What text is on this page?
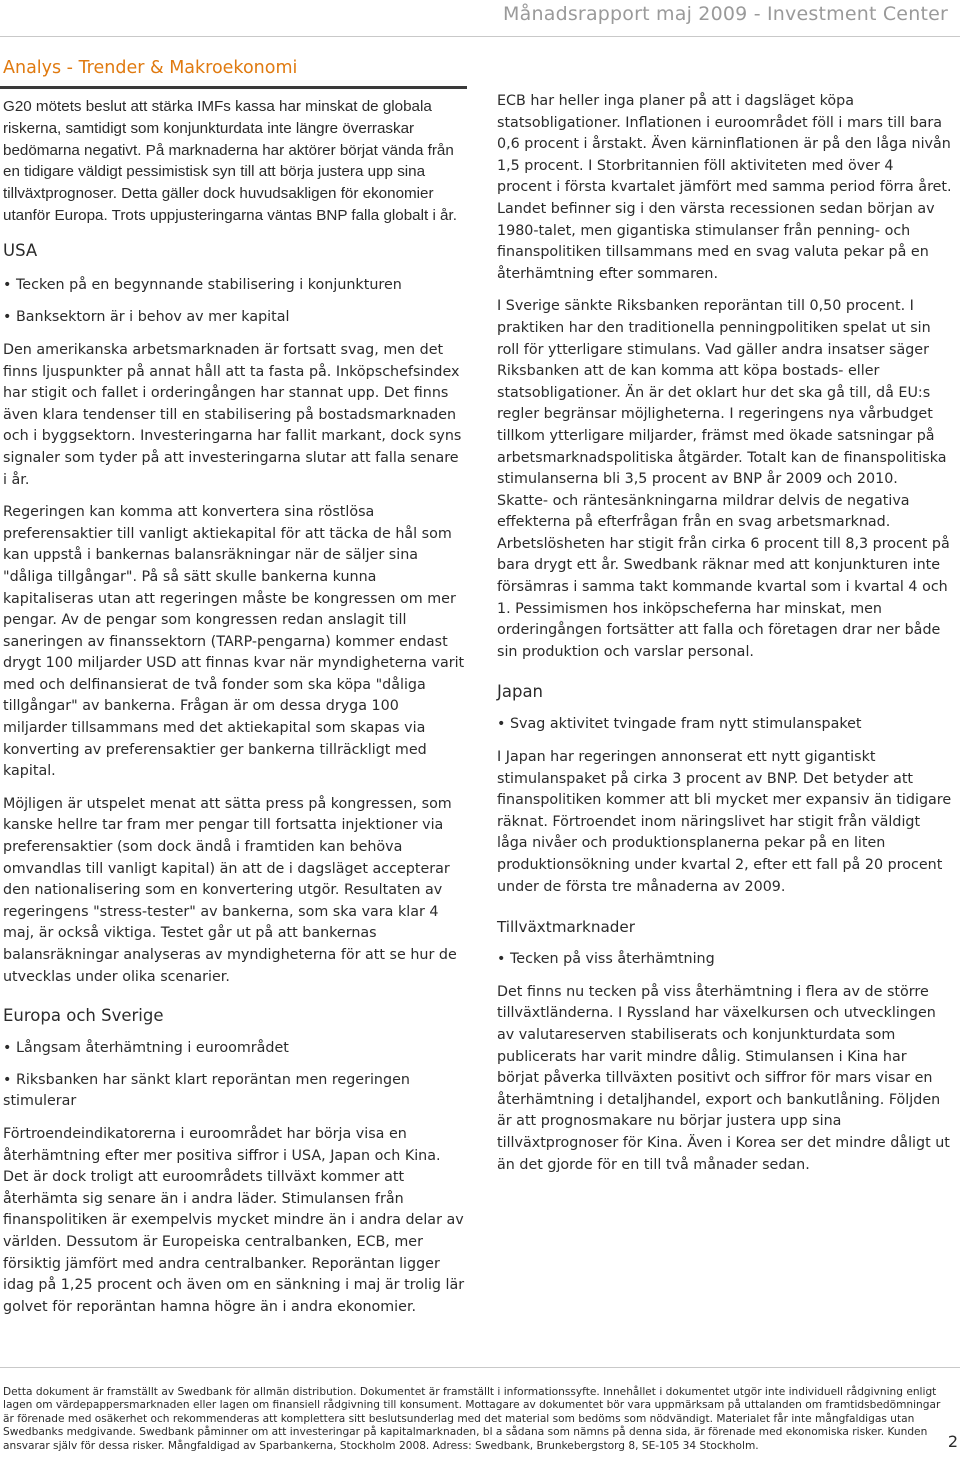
Månadsrapport maj 2009 - Investment Center
Analys - Trender & Makroekonomi

G20 mötets beslut att stärka IMFs kassa har minskat de globala riskerna, samtidigt som konjunkturdata inte längre överraskar bedömarna negativt. På marknaderna har aktörer börjat vända från en tidigare väldigt pessimistisk syn till att börja justera upp sina tillväxtprognoser. Detta gäller dock huvudsakligen för ekonomier utanför Europa. Trots uppjusteringarna väntas BNP falla globalt i år.

USA

• Tecken på en begynnande stabilisering i konjunkturen

• Banksektorn är i behov av mer kapital

Den amerikanska arbetsmarknaden är fortsatt svag, men det finns ljuspunkter på annat håll att ta fasta på. Inköpschefsindex har stigit och fallet i orderingången har stannat upp. Det finns även klara tendenser till en stabilisering på bostadsmarknaden och i byggsektorn. Investeringarna har fallit markant, dock syns signaler som tyder på att investeringarna slutar att falla senare i år.

Regeringen kan komma att konvertera sina röstlösa preferensaktier till vanligt aktiekapital för att täcka de hål som kan uppstå i bankernas balansräkningar när de säljer sina "dåliga tillgångar". På så sätt skulle bankerna kunna kapitaliseras utan att regeringen måste be kongressen om mer pengar. Av de pengar som kongressen redan anslagit till saneringen av finanssektorn (TARP-pengarna) kommer endast drygt 100 miljarder USD att finnas kvar när myndigheterna varit med och delfinansierat de två fonder som ska köpa "dåliga tillgångar" av bankerna. Frågan är om dessa dryga 100 miljarder tillsammans med det aktiekapital som skapas via konverting av preferensaktier ger bankerna tillräckligt med kapital.

Möjligen är utspelet menat att sätta press på kongressen, som kanske hellre tar fram mer pengar till fortsatta injektioner via preferensaktier (som dock ändå i framtiden kan behöva omvandlas till vanligt kapital) än att de i dagsläget accepterar den nationalisering som en konvertering utgör. Resultaten av regeringens "stress-tester" av bankerna, som ska vara klar 4 maj, är också viktiga. Testet går ut på att bankernas balansräkningar analyseras av myndigheterna för att se hur de utvecklas under olika scenarier.

Europa och Sverige

• Långsam återhämtning i euroområdet

• Riksbanken har sänkt klart reporäntan men regeringen stimulerar

Förtroendeindikatorerna i euroområdet har börja visa en återhämtning efter mer positiva siffror i USA, Japan och Kina. Det är dock troligt att euroområdets tillväxt kommer att återhämta sig senare än i andra läder. Stimulansen från finanspolitiken är exempelvis mycket mindre än i andra delar av världen. Dessutom är Europeiska centralbanken, ECB, mer försiktig jämfört med andra centralbanker. Reporäntan ligger idag på 1,25 procent och även om en sänkning i maj är trolig lär golvet för reporäntan hamna högre än i andra ekonomier.

ECB har heller inga planer på att i dagsläget köpa statsobligationer. Inflationen i euroområdet föll i mars till bara 0,6 procent i årstakt. Även kärninflationen är på den låga nivån 1,5 procent. I Storbritannien föll aktiviteten med över 4 procent i första kvartalet jämfört med samma period förra året. Landet befinner sig i den värsta recessionen sedan början av 1980-talet, men gigantiska stimulanser från penning- och finanspolitiken tillsammans med en svag valuta pekar på en återhämtning efter sommaren.

I Sverige sänkte Riksbanken reporäntan till 0,50 procent. I praktiken har den traditionella penningpolitiken spelat ut sin roll för ytterligare stimulans. Vad gäller andra insatser säger Riksbanken att de kan komma att köpa bostads- eller statsobligationer. Än är det oklart hur det ska gå till, då EU:s regler begränsar möjligheterna. I regeringens nya vårbudget tillkom ytterligare miljarder, främst med ökade satsningar på arbetsmarknadspolitiska åtgärder. Totalt kan de finanspolitiska stimulanserna bli 3,5 procent av BNP år 2009 och 2010. Skatte- och räntesänkningarna mildrar delvis de negativa effekterna på efterfrågan från en svag arbetsmarknad. Arbetslösheten har stigit från cirka 6 procent till 8,3 procent på bara drygt ett år. Swedbank räknar med att konjunkturen inte försämras i samma takt kommande kvartal som i kvartal 4 och 1. Pessimismen hos inköpscheferna har minskat, men orderingången fortsätter att falla och företagen drar ner både sin produktion och varslar personal.

Japan

• Svag aktivitet tvingade fram nytt stimulanspaket

I Japan har regeringen annonserat ett nytt gigantiskt stimulanspaket på cirka 3 procent av BNP. Det betyder att finanspolitiken kommer att bli mycket mer expansiv än tidigare räknat. Förtroendet inom näringslivet har stigit från väldigt låga nivåer och produktionsplanerna pekar på en liten produktionsökning under kvartal 2, efter ett fall på 20 procent under de första tre månaderna av 2009.

Tillväxtmarknader

• Tecken på viss återhämtning

Det finns nu tecken på viss återhämtning i flera av de större tillväxtländerna. I Ryssland har växelkursen och utvecklingen av valutareserven stabiliserats och konjunkturdata som publicerats har varit mindre dålig. Stimulansen i Kina har börjat påverka tillväxten positivt och siffror för mars visar en återhämtning i detaljhandel, export och bankutlåning. Följden är att prognosmakare nu börjar justera upp sina tillväxtprognoser för Kina. Även i Korea ser det mindre dåligt ut än det gjorde för en till två månader sedan.

Detta dokument är framställt av Swedbank för allmän distribution. Dokumentet är framställt i informationssyfte. Innehållet i dokumentet utgör inte individuell rådgivning enligt lagen om värdepappersmarknaden eller lagen om finansiell rådgivning till konsument. Mottagare av dokumentet bör vara uppmärksam på uttalanden om framtidsbedömningar är förenade med osäkerhet och rekommenderas att komplettera sitt beslutsunderlag med det material som bedöms som nödvändigt. Materialet får inte mångfaldigas utan Swedbanks medgivande. Swedbank påminner om att investeringar på kapitalmarknaden, bl a sådana som nämns på denna sida, är förenade med ekonomiska risker. Kunden ansvarar själv för dessa risker. Mångfaldigad av Sparbankerna, Stockholm 2008. Adress: Swedbank, Brunkebergstorg 8, SE-105 34 Stockholm.	2
